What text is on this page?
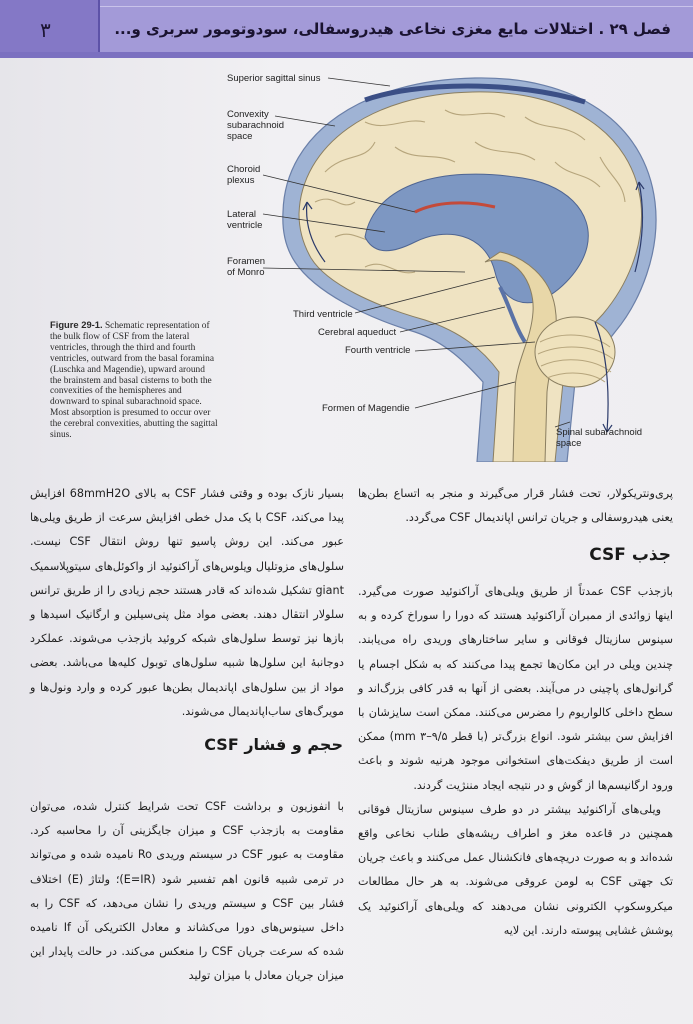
۳	فصل ۲۹ . اختلالات مایع مغزی نخاعی هیدروسفالی، سودوتومور سربری و...
Superior sagittal sinus
Convexity
subarachnoid
space
Choroid
plexus
Lateral
ventricle
Foramen
of Monro
Third ventricle
Cerebral aqueduct
Fourth ventricle
Formen of Magendie
Spinal subarachnoid
space
Figure 29-1. Schematic representation of the bulk flow of CSF from the lateral ventricles, through the third and fourth ventricles, outward from the basal foramina (Luschka and Magendie), upward around the brainstem and basal cisterns to both the convexities of the hemispheres and downward to spinal subarachnoid space. Most absorption is presumed to occur over the cerebral convexities, abutting the sagittal sinus.

پری‌ونتریکولار، تحت فشار قرار می‌گیرند و منجر به اتساع بطن‌ها یعنی هیدروسفالی و جریان ترانس اپاندیمال CSF می‌گردد.

جذب CSF

بازجذب CSF عمدتاً از طریق ویلی‌های آراکنوئید صورت می‌گیرد. اینها زوائدی از ممبران آراکنوئید هستند که دورا را سوراخ کرده و به سینوس سازیتال فوقانی و سایر ساختارهای وریدی راه می‌یابند. چندین ویلی در این مکان‌ها تجمع پیدا می‌کنند که به شکل اجسام یا گرانول‌های پاچینی در می‌آیند. بعضی از آنها به قدر کافی بزرگ‌اند و سطح داخلی کالواریوم را مضرس می‌کنند. ممکن است سایزشان با افزایش سن بیشتر شود. انواع بزرگ‌تر (با قطر ۹/۵–۳ mm) ممکن است از طریق دیفکت‌های استخوانی موجود هرنیه شوند و باعث ورود ارگانیسم‌ها از گوش و در نتیجه ایجاد مننژیت گردند.

ویلی‌های آراکنوئید بیشتر در دو طرف سینوس سازیتال فوقانی همچنین در قاعده مغز و اطراف ریشه‌های طناب نخاعی واقع شده‌اند و به صورت دریچه‌های فانکشنال عمل می‌کنند و باعث جریان تک جهتی CSF به لومن عروقی می‌شوند. به هر حال مطالعات میکروسکوپ الکترونی نشان می‌دهند که ویلی‌های آراکنوئید یک پوشش غشایی پیوسته دارند. این لایه

بسیار نازک بوده و وقتی فشار CSF به بالای 68mmH2O افزایش پیدا می‌کند، CSF با یک مدل خطی افزایش سرعت از طریق ویلی‌ها عبور می‌کند. این روش پاسیو تنها روش انتقال CSF نیست. سلول‌های مزوتلیال ویلوس‌های آراکنوئید از واکوئل‌های سیتوپلاسمیک giant تشکیل شده‌اند که قادر هستند حجم زیادی را از طریق ترانس سلولار انتقال دهند. بعضی مواد مثل پنی‌سیلین و ارگانیک اسیدها و بازها نیز توسط سلول‌های شبکه کروئید بازجذب می‌شوند. عملکرد دوجانبهٔ این سلول‌ها شبیه سلول‌های توبول کلیه‌ها می‌باشد. بعضی مواد از بین سلول‌های اپاندیمال بطن‌ها عبور کرده و وارد ونول‌ها و مویرگ‌های ساب‌اپاندیمال می‌شوند.

حجم و فشار CSF

با انفوزیون و برداشت CSF تحت شرایط کنترل شده، می‌توان مقاومت به بازجذب CSF و میزان جایگزینی آن را محاسبه کرد. مقاومت به عبور CSF در سیستم وریدی Ro نامیده شده و می‌تواند در ترمی شبیه قانون اهم تفسیر شود (E=IR)؛ ولتاژ (E) اختلاف فشار بین CSF و سیستم وریدی را نشان می‌دهد، که CSF را به داخل سینوس‌های دورا می‌کشاند و معادل الکتریکی آن If نامیده شده که سرعت جریان CSF را منعکس می‌کند. در حالت پایدار این میزان جریان معادل با میزان تولید
